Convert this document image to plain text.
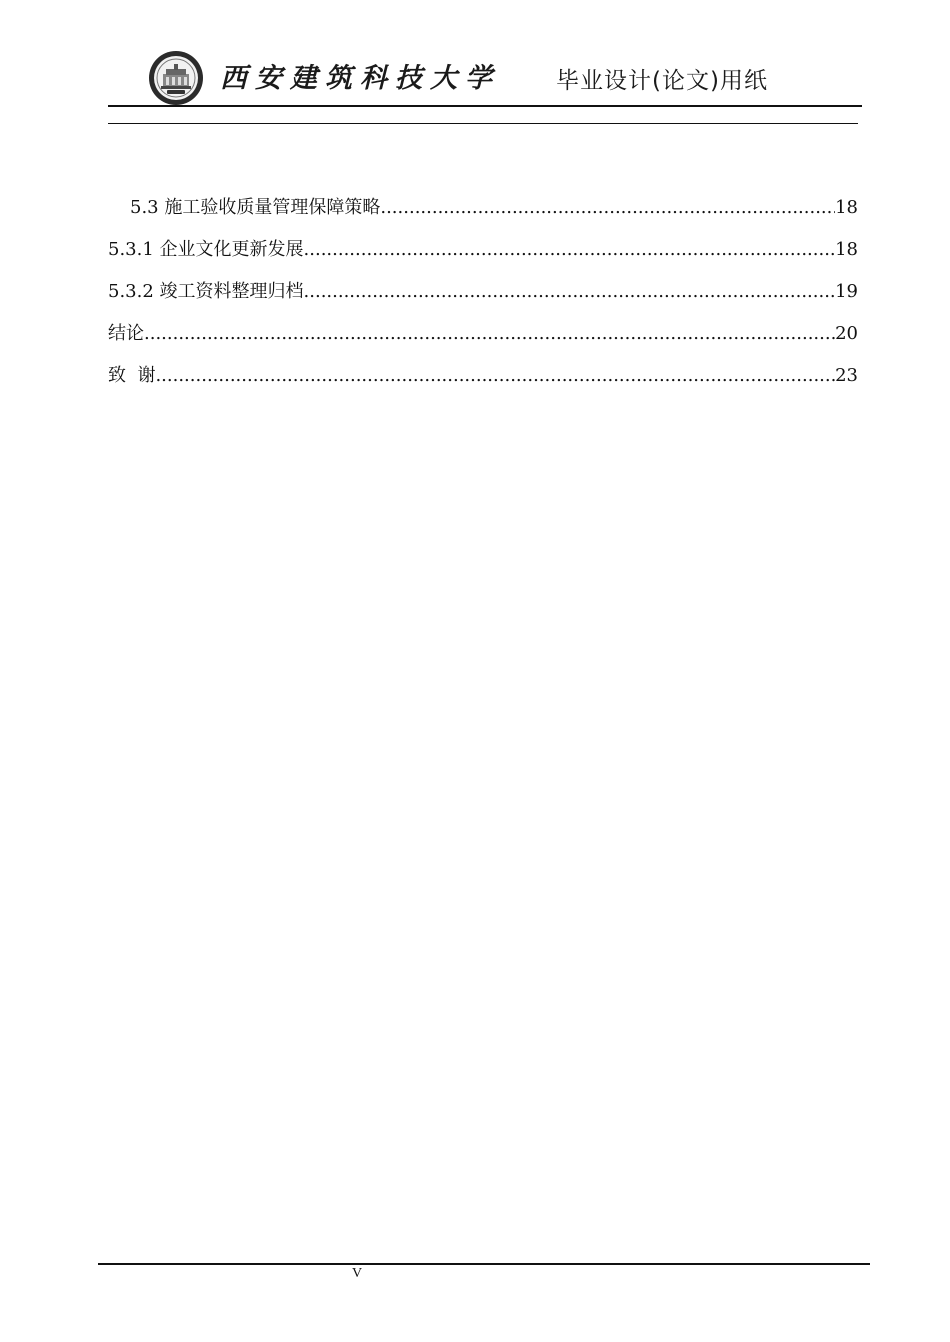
西安建筑科技大学 毕业设计(论文)用纸
5.3 施工验收质量管理保障策略 .....	18
5.3.1 企业文化更新发展 .....	18
5.3.2 竣工资料整理归档 .....	19
结论 .....	20
致  谢 .....	23
V
